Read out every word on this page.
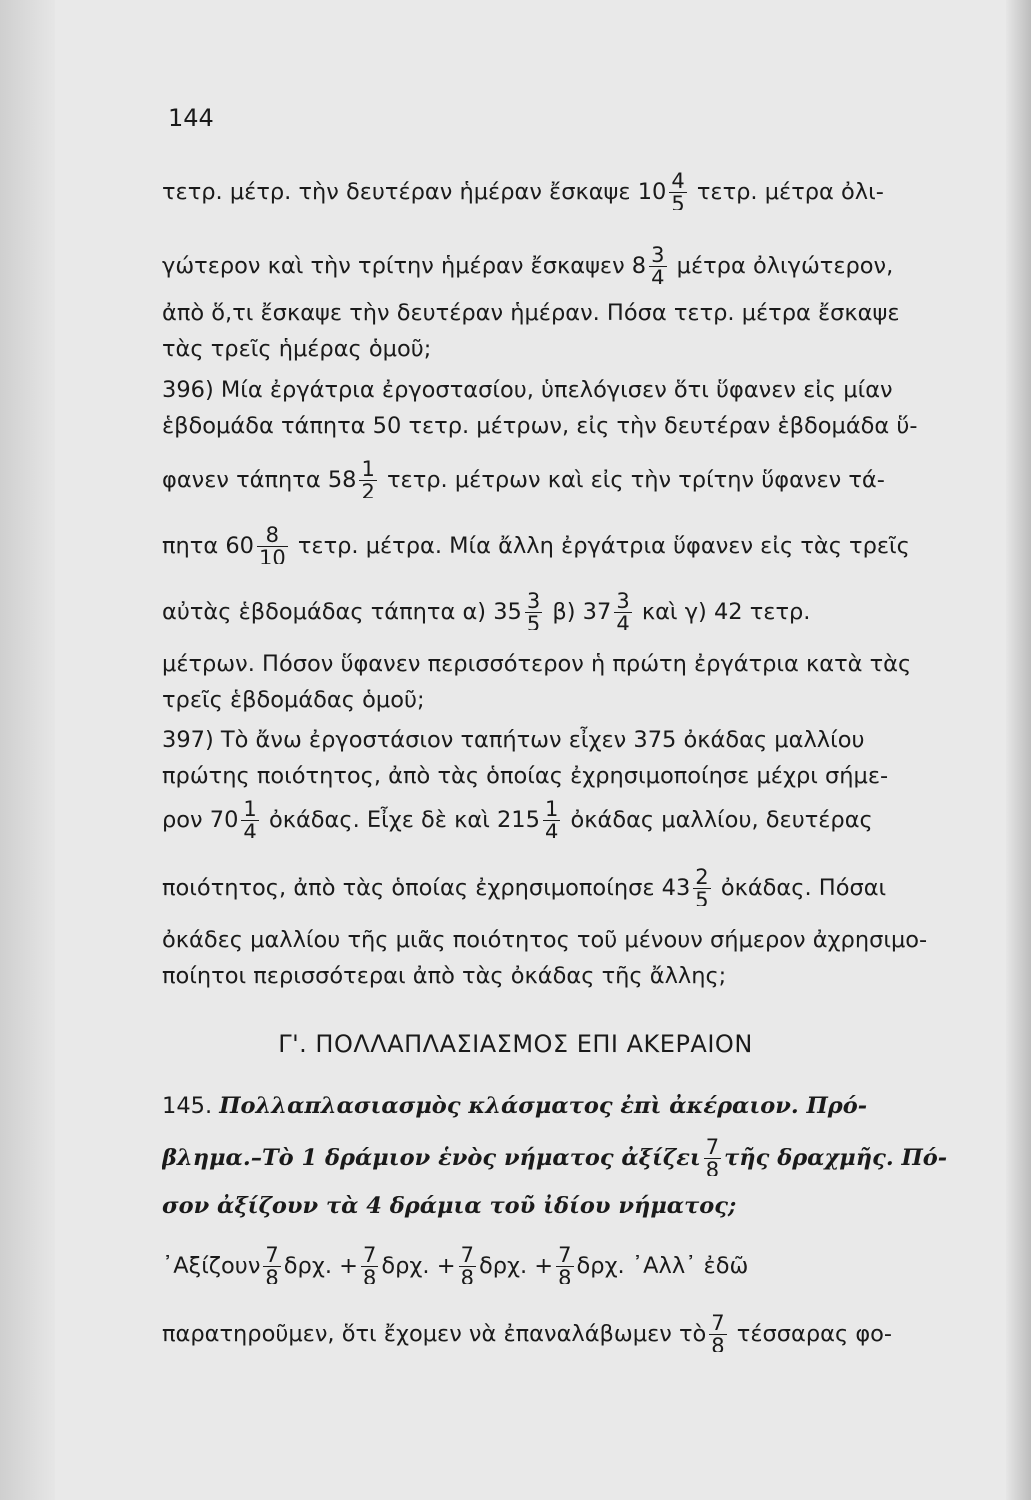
144
τετρ. μέτρ. τὴν δευτέραν ἡμέραν ἔσκαψε $10 \frac{4}{5} \tau\varepsilon\tau\rho$. μέτρα ὀλι-
γώτερον καὶ τὴν τρίτην ἡμέραν ἔσκαψεν $8 \frac{3}{4}$ μέτρα ὀλιγώτερον,
ἀπὸ ὅ,τι ἔσκαψε τὴν δευτέραν ἡμέραν. Πόσα τετρ. μέτρα ἔσκαψε
τὰς τρεῖς ἡμέρας ὁμοῦ;
396) Μία ἐργάτρια ἐργοστασίου, ὑπελόγισεν ὅτι ὕφανεν εἰς μίαν
ἑβδομάδα τάπητα 50 τετρ. μέτρων, εἰς τὴν δευτέραν ἑβδομάδα ὕ-
φανεν τάπητα $58 \frac{1}{2} \tau\varepsilon\tau\rho$. μέτρων καὶ εἰς τὴν τρίτην ὕφανεν τά-
πητα $60 \frac{8}{10} \tau\varepsilon\tau\rho$. μέτρα. Μία ἄλλη ἐργάτρια ὕφανεν εἰς τὰς τρεῖς
αὐτὰς ἑβδομάδας τάπητα α) $35 \frac{3}{5} \beta$) $37 \frac{3}{4}$ καὶ γ) 42 τετρ.
μέτρων. Πόσον ὕφανεν περισσότερον ἡ πρώτη ἐργάτρια κατὰ τὰς
τρεῖς ἑβδομάδας ὁμοῦ;
397) Τὸ ἄνω ἐργοστάσιον ταπήτων εἶχεν 375 ὀκάδας μαλλίου
πρώτης ποιότητος, ἀπὸ τὰς ὁποίας ἐχρησιμοποίησε μέχρι σήμε-
ρον $70 \frac{1}{4}$ ὀκάδας. Εἶχε δὲ καὶ $215 \frac{1}{4}$ ὀκάδας μαλλίου, δευτέρας
ποιότητος, ἀπὸ τὰς ὁποίας ἐχρησιμοποίησε $43 \frac{2}{5}$ ὀκάδας. Πόσαι
ὀκάδες μαλλίου τῆς μιᾶς ποιότητος τοῦ μένουν σήμερον ἀχρησιμο-
ποίητοι περισσότεραι ἀπὸ τὰς ὀκάδας τῆς ἄλλης;
Γ'. ΠΟΛΛΑΠΛΑΣΙΑΣΜΟΣ ΕΠΙ ΑΚΕΡΑΙΟΝ
145. Πολλαπλασιασμὸς κλάσματος ἐπὶ ἀκέραιον. Πρό-
βλημα.–Τὸ 1 δράμιον ἑνὸς νήματος ἀξίζει $\frac{7}{8}$ τῆς δραχμῆς. Πό-
σον ἀξίζουν τὰ 4 δράμια τοῦ ἰδίου νήματος;
᾿Αξίζουν $\frac{7}{8} \delta\rho\chi$. + $\frac{7}{8} \delta\rho\chi$. + $\frac{7}{8} \delta\rho\chi$. + $\frac{7}{8} \delta\rho\chi$. ᾿Αλλ᾿ ἐδῶ
παρατηροῦμεν, ὅτι ἔχομεν νὰ ἐπαναλάβωμεν τὸ $\frac{7}{8}$ τέσσαρας φο-
